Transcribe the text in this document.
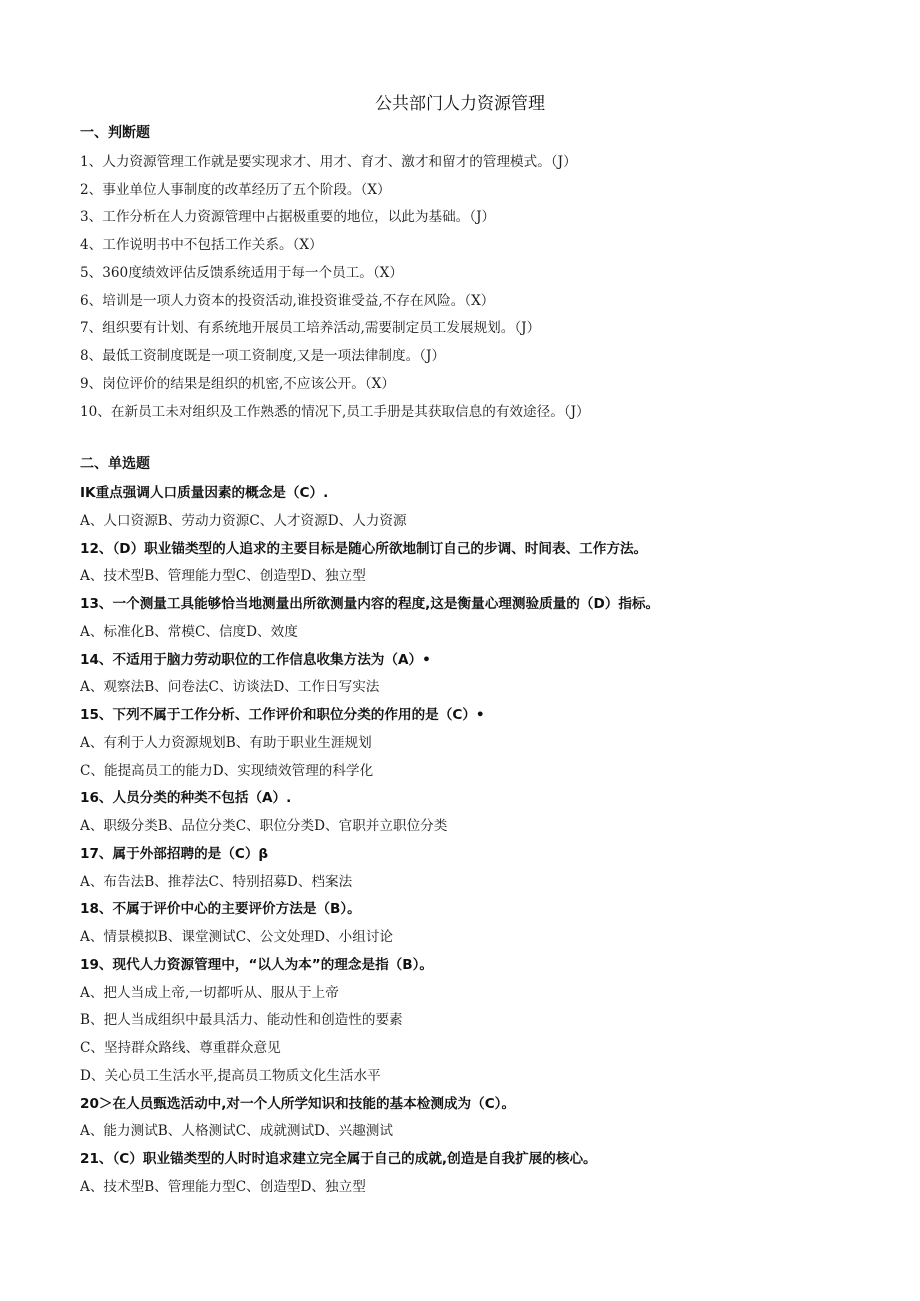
公共部门人力资源管理
一、判断题
1、人力资源管理工作就是要实现求才、用才、育才、激才和留才的管理模式。（J）
2、事业单位人事制度的改革经历了五个阶段。（X）
3、工作分析在人力资源管理中占据极重要的地位，以此为基础。（J）
4、工作说明书中不包括工作关系。（X）
5、360度绩效评估反馈系统适用于每一个员工。（X）
6、培训是一项人力资本的投资活动,谁投资谁受益,不存在风险。（X）
7、组织要有计划、有系统地开展员工培养活动,需要制定员工发展规划。（J）
8、最低工资制度既是一项工资制度,又是一项法律制度。（J）
9、岗位评价的结果是组织的机密,不应该公开。（X）
10、在新员工未对组织及工作熟悉的情况下,员工手册是其获取信息的有效途径。（J）
二、单选题
IK重点强调人口质量因素的概念是（C）.
A、人口资源B、劳动力资源C、人才资源D、人力资源
12、（D）职业锚类型的人追求的主要目标是随心所欲地制订自己的步调、时间表、工作方法。
A、技术型B、管理能力型C、创造型D、独立型
13、一个测量工具能够恰当地测量出所欲测量内容的程度,这是衡量心理测验质量的（D）指标。
A、标准化B、常模C、信度D、效度
14、不适用于脑力劳动职位的工作信息收集方法为（A）•
A、观察法B、问卷法C、访谈法D、工作日写实法
15、下列不属于工作分析、工作评价和职位分类的作用的是（C）•
A、有利于人力资源规划B、有助于职业生涯规划
C、能提高员工的能力D、实现绩效管理的科学化
16、人员分类的种类不包括（A）.
A、职级分类B、品位分类C、职位分类D、官职并立职位分类
17、属于外部招聘的是（C）β
A、布告法B、推荐法C、特别招募D、档案法
18、不属于评价中心的主要评价方法是（B）。
A、情景模拟B、课堂测试C、公文处理D、小组讨论
19、现代人力资源管理中，“以人为本”的理念是指（B）。
A、把人当成上帝,一切都听从、服从于上帝
B、把人当成组织中最具活力、能动性和创造性的要素
C、坚持群众路线、尊重群众意见
D、关心员工生活水平,提高员工物质文化生活水平
20＞在人员甄选活动中,对一个人所学知识和技能的基本检测成为（C）。
A、能力测试B、人格测试C、成就测试D、兴趣测试
21、（C）职业锚类型的人时时追求建立完全属于自己的成就,创造是自我扩展的核心。
A、技术型B、管理能力型C、创造型D、独立型
